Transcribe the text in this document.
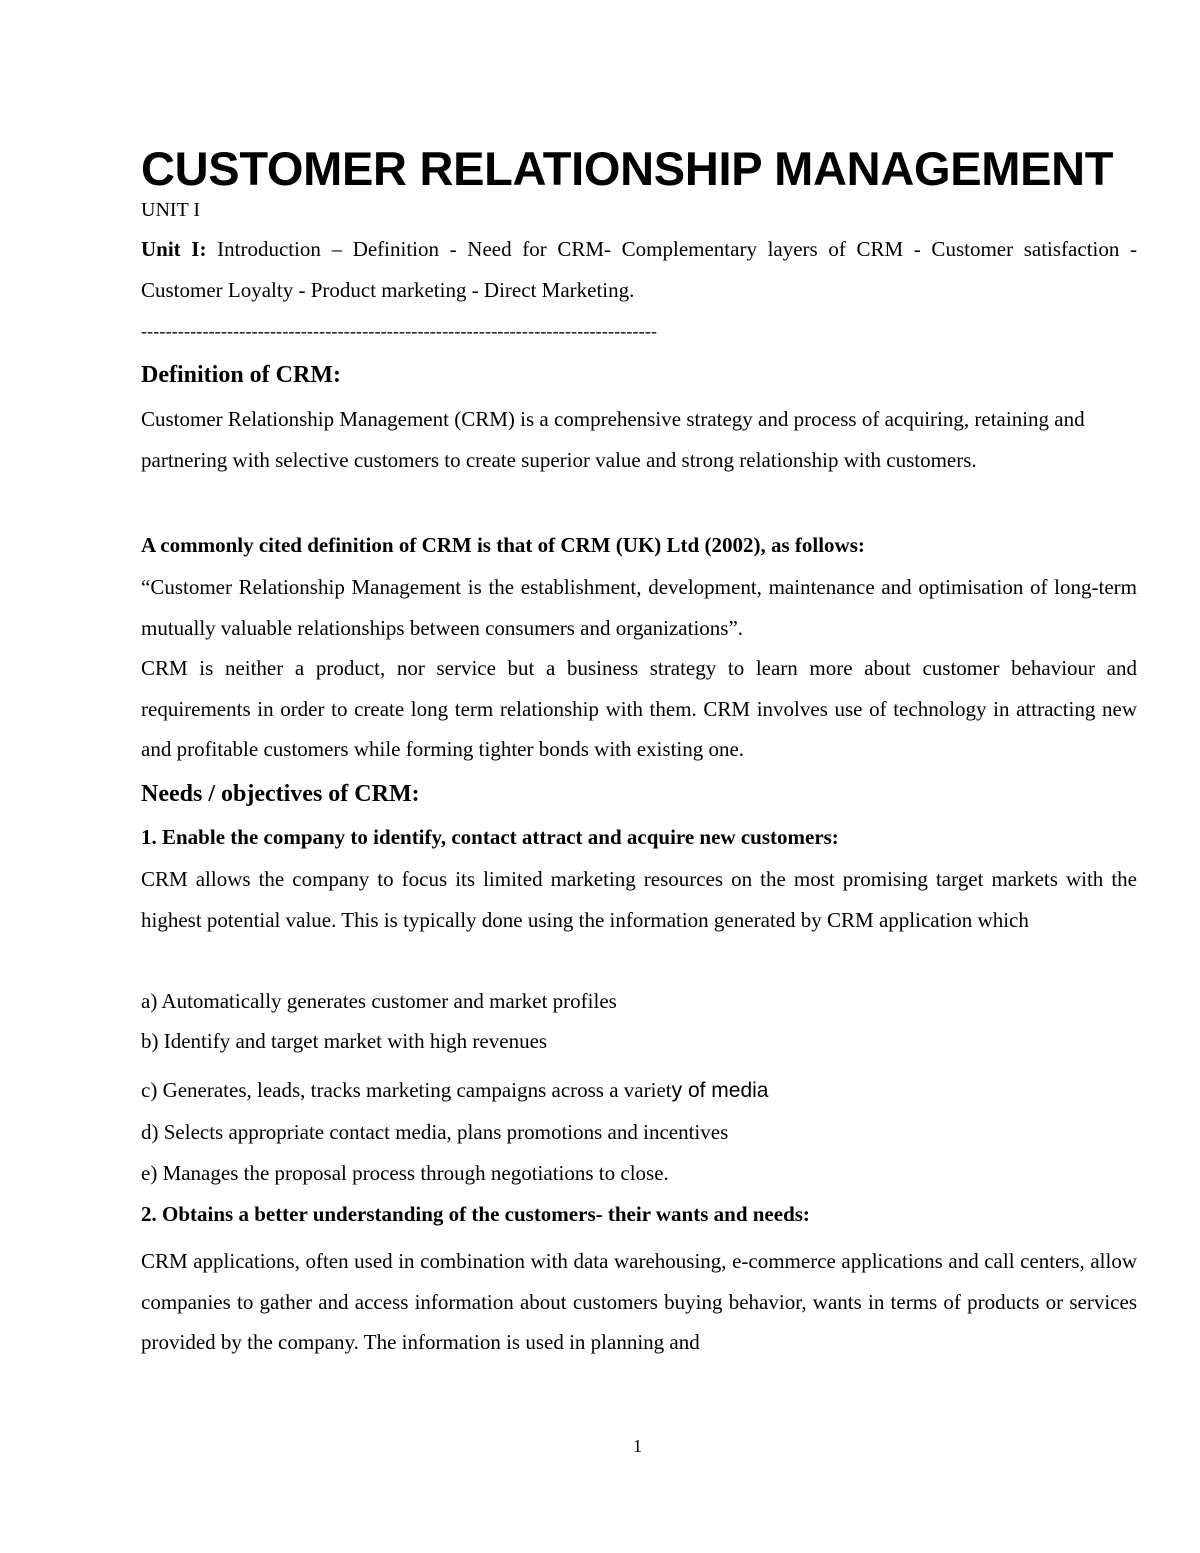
CUSTOMER RELATIONSHIP MANAGEMENT
UNIT I

Unit I: Introduction – Definition - Need for CRM- Complementary layers of CRM - Customer satisfaction - Customer Loyalty - Product marketing - Direct Marketing.

------------------------------------------------------------------------------------
Definition of CRM:

Customer Relationship Management (CRM) is a comprehensive strategy and process of acquiring, retaining and partnering with selective customers to create superior value and strong relationship with customers.

A commonly cited definition of CRM is that of CRM (UK) Ltd (2002), as follows:

“Customer Relationship Management is the establishment, development, maintenance and optimisation of long-term mutually valuable relationships between consumers and organizations”.

CRM is neither a product, nor service but a business strategy to learn more about customer behaviour and requirements in order to create long term relationship with them. CRM involves use of technology in attracting new and profitable customers while forming tighter bonds with existing one.

Needs / objectives of CRM:
1. Enable the company to identify, contact attract and acquire new customers:

CRM allows the company to focus its limited marketing resources on the most promising target markets with the highest potential value. This is typically done using the information generated by CRM application which

a) Automatically generates customer and market profiles
b) Identify and target market with high revenues
c) Generates, leads, tracks marketing campaigns across a variety of media
d) Selects appropriate contact media, plans promotions and incentives
e) Manages the proposal process through negotiations to close.
2. Obtains a better understanding of the customers- their wants and needs:

CRM applications, often used in combination with data warehousing, e-commerce applications and call centers, allow companies to gather and access information about customers buying behavior, wants in terms of products or services provided by the company. The information is used in planning and

1
